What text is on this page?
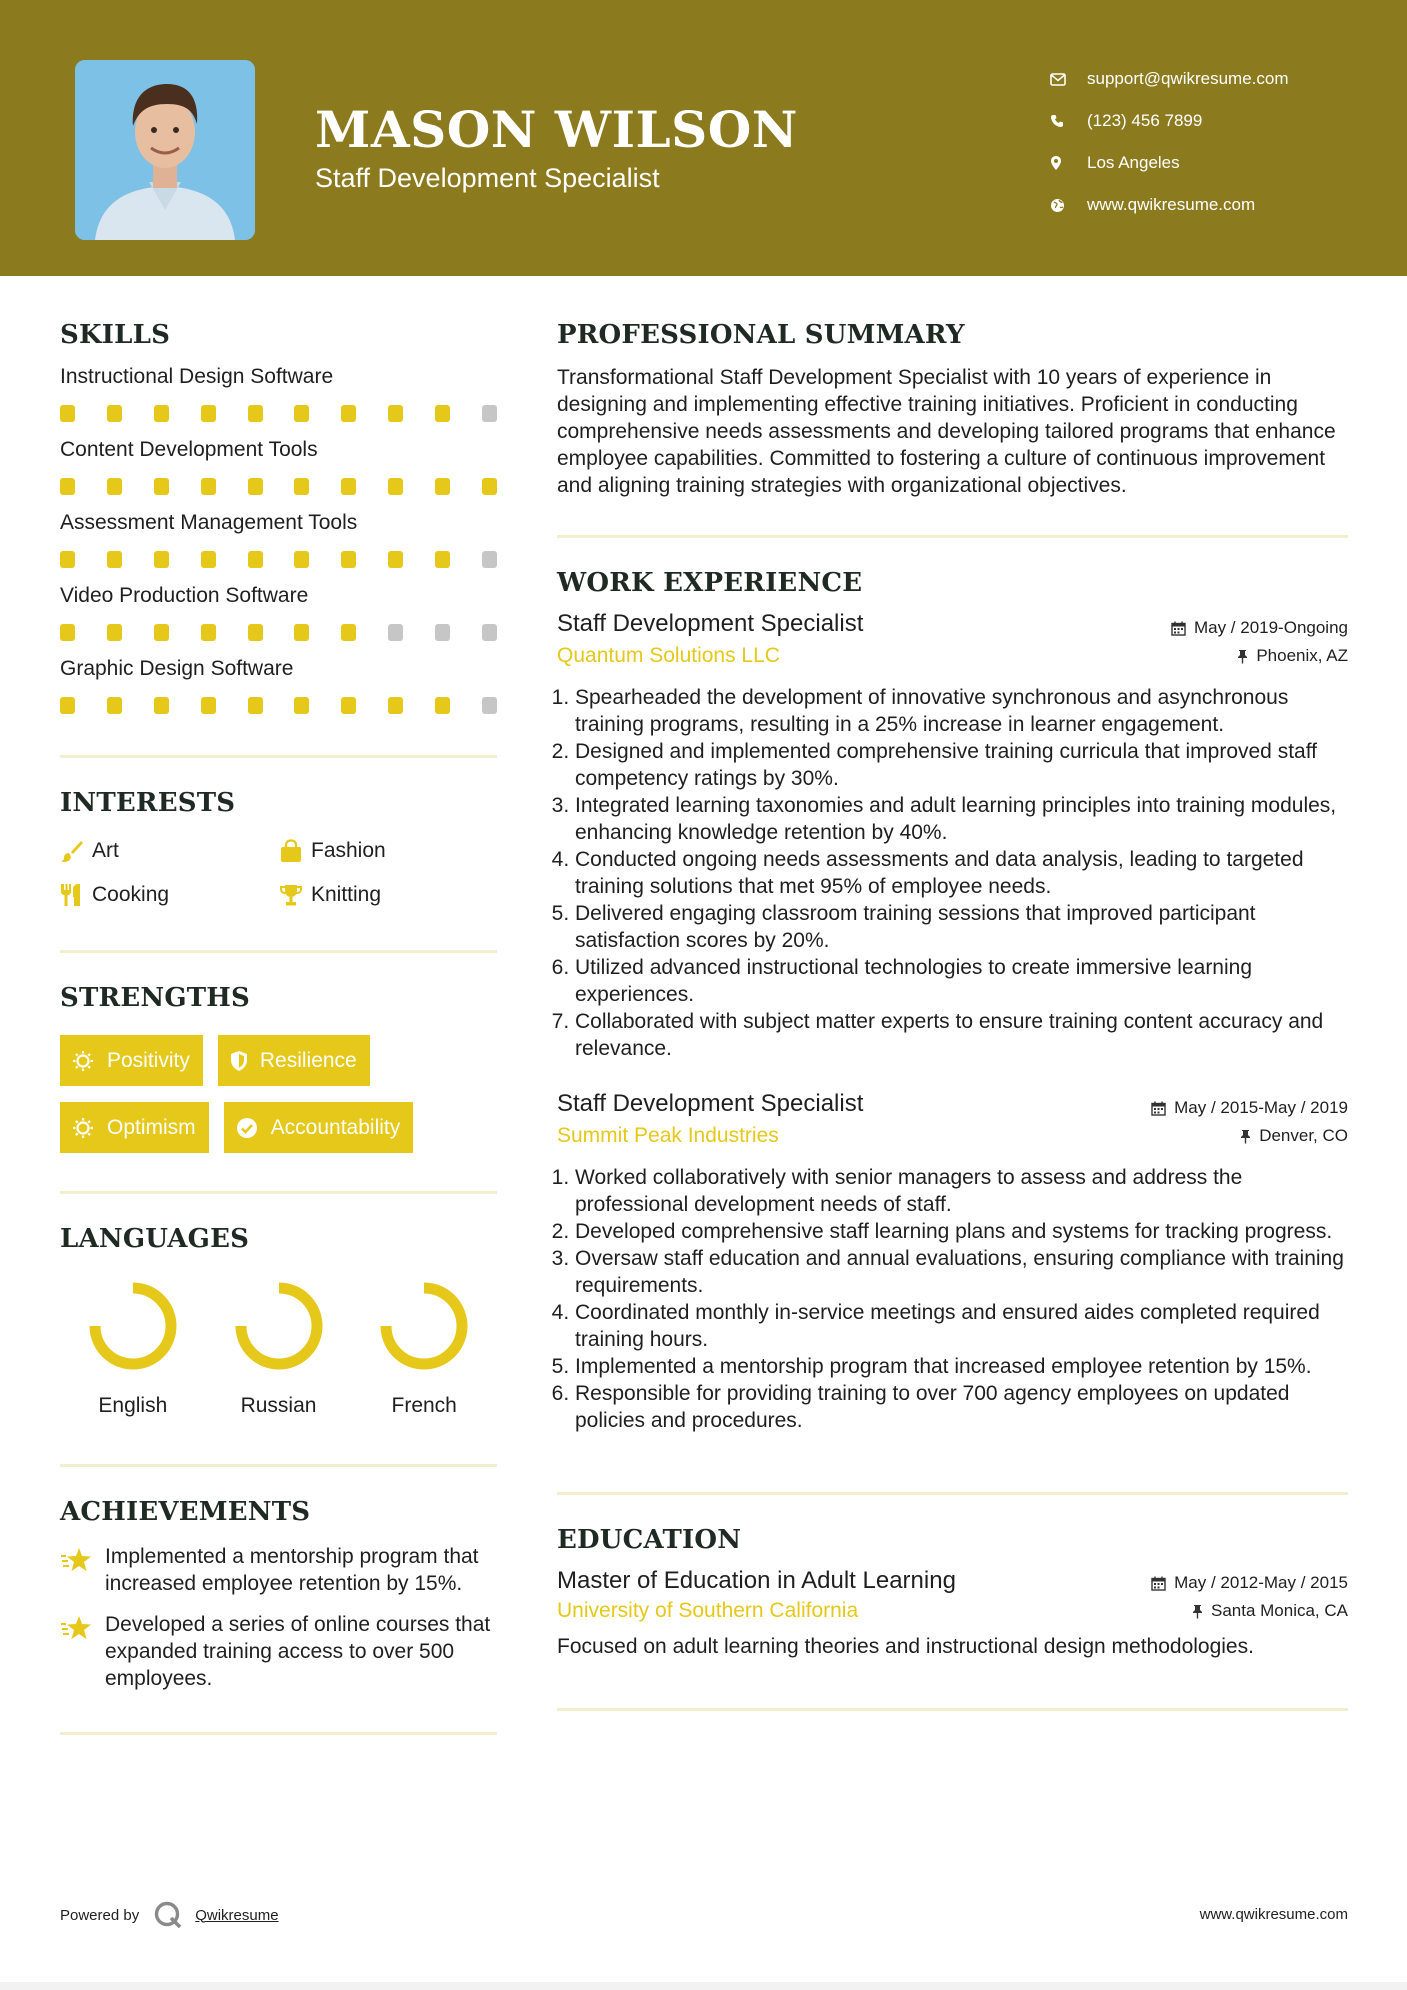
MASON WILSON
Staff Development Specialist
support@qwikresume.com
(123) 456 7899
Los Angeles
www.qwikresume.com
SKILLS
Instructional Design Software
Content Development Tools
Assessment Management Tools
Video Production Software
Graphic Design Software
INTERESTS
Art	Fashion
Cooking	Knitting
STRENGTHS
Positivity	Resilience
Optimism	Accountability
LANGUAGES
English	Russian	French
ACHIEVEMENTS
Implemented a mentorship program that increased employee retention by 15%.
Developed a series of online courses that expanded training access to over 500 employees.
PROFESSIONAL SUMMARY
Transformational Staff Development Specialist with 10 years of experience in designing and implementing effective training initiatives. Proficient in conducting comprehensive needs assessments and developing tailored programs that enhance employee capabilities. Committed to fostering a culture of continuous improvement and aligning training strategies with organizational objectives.
WORK EXPERIENCE
Staff Development Specialist	May / 2019-Ongoing
Quantum Solutions LLC	Phoenix, AZ
1. Spearheaded the development of innovative synchronous and asynchronous training programs, resulting in a 25% increase in learner engagement.
2. Designed and implemented comprehensive training curricula that improved staff competency ratings by 30%.
3. Integrated learning taxonomies and adult learning principles into training modules, enhancing knowledge retention by 40%.
4. Conducted ongoing needs assessments and data analysis, leading to targeted training solutions that met 95% of employee needs.
5. Delivered engaging classroom training sessions that improved participant satisfaction scores by 20%.
6. Utilized advanced instructional technologies to create immersive learning experiences.
7. Collaborated with subject matter experts to ensure training content accuracy and relevance.
Staff Development Specialist	May / 2015-May / 2019
Summit Peak Industries	Denver, CO
1. Worked collaboratively with senior managers to assess and address the professional development needs of staff.
2. Developed comprehensive staff learning plans and systems for tracking progress.
3. Oversaw staff education and annual evaluations, ensuring compliance with training requirements.
4. Coordinated monthly in-service meetings and ensured aides completed required training hours.
5. Implemented a mentorship program that increased employee retention by 15%.
6. Responsible for providing training to over 700 agency employees on updated policies and procedures.
EDUCATION
Master of Education in Adult Learning	May / 2012-May / 2015
University of Southern California	Santa Monica, CA
Focused on adult learning theories and instructional design methodologies.
Powered by	Qwikresume	www.qwikresume.com
